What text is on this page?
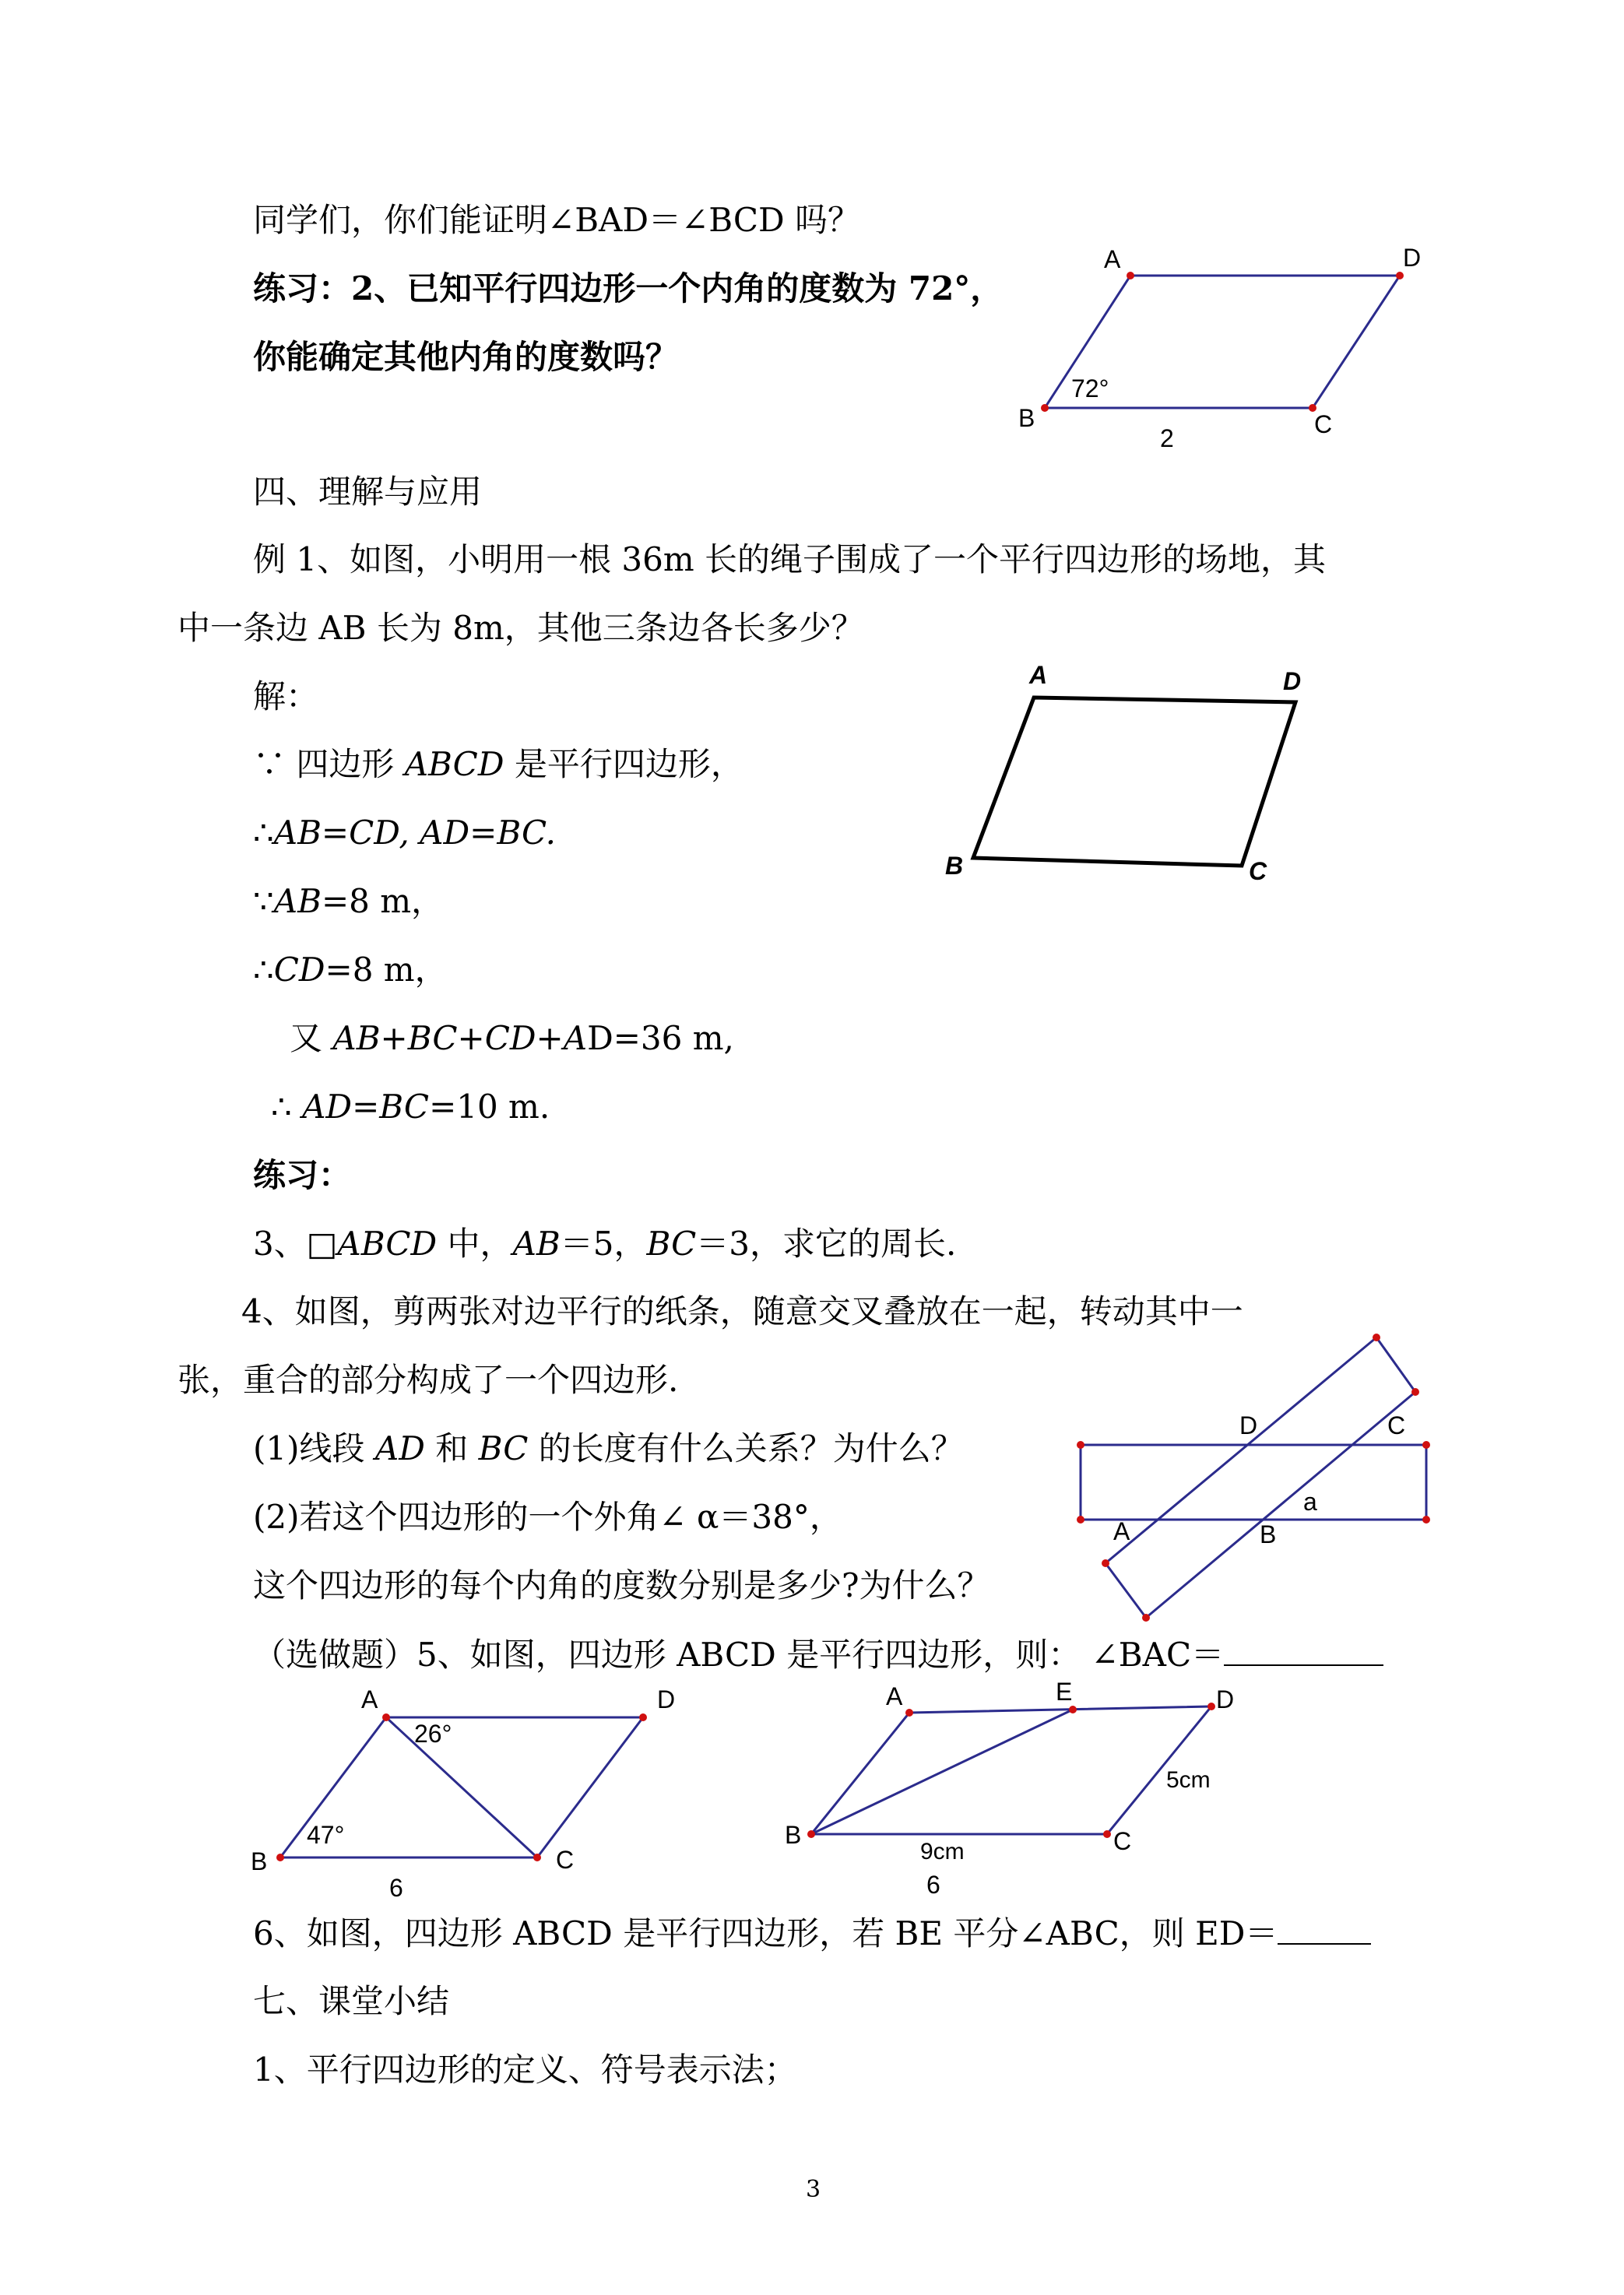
同学们，你们能证明∠BAD＝∠BCD 吗？
练习：2、已知平行四边形一个内角的度数为 72°，
你能确定其他内角的度数吗？
四、理解与应用
例 1、如图，小明用一根 36m 长的绳子围成了一个平行四边形的场地，其
中一条边 AB 长为 8m，其他三条边各长多少？
解：
∵ 四边形 ABCD 是平行四边形，
∴AB=CD, AD=BC.
∵AB=8 m，
∴CD=8 m，
又 AB+BC+CD+AD=36 m,
∴ AD=BC=10 m.
练习：
3、□ABCD 中，AB＝5，BC＝3，求它的周长.
4、如图，剪两张对边平行的纸条，随意交叉叠放在一起，转动其中一
张，重合的部分构成了一个四边形.
(1)线段 AD 和 BC 的长度有什么关系？为什么？
(2)若这个四边形的一个外角∠ α＝38°，
这个四边形的每个内角的度数分别是多少?为什么？
（选做题）5、如图，四边形 ABCD 是平行四边形，则： ∠BAC＝
6、如图，四边形 ABCD 是平行四边形，若 BE 平分∠ABC，则 ED＝
七、课堂小结
1、平行四边形的定义、符号表示法；
A	D
B	C
72°
2
A	D
B	C
D	C
A	B
a
A	D
B	C
26°
47°
6
A	E	D
B	C
5cm
9cm
6
3
